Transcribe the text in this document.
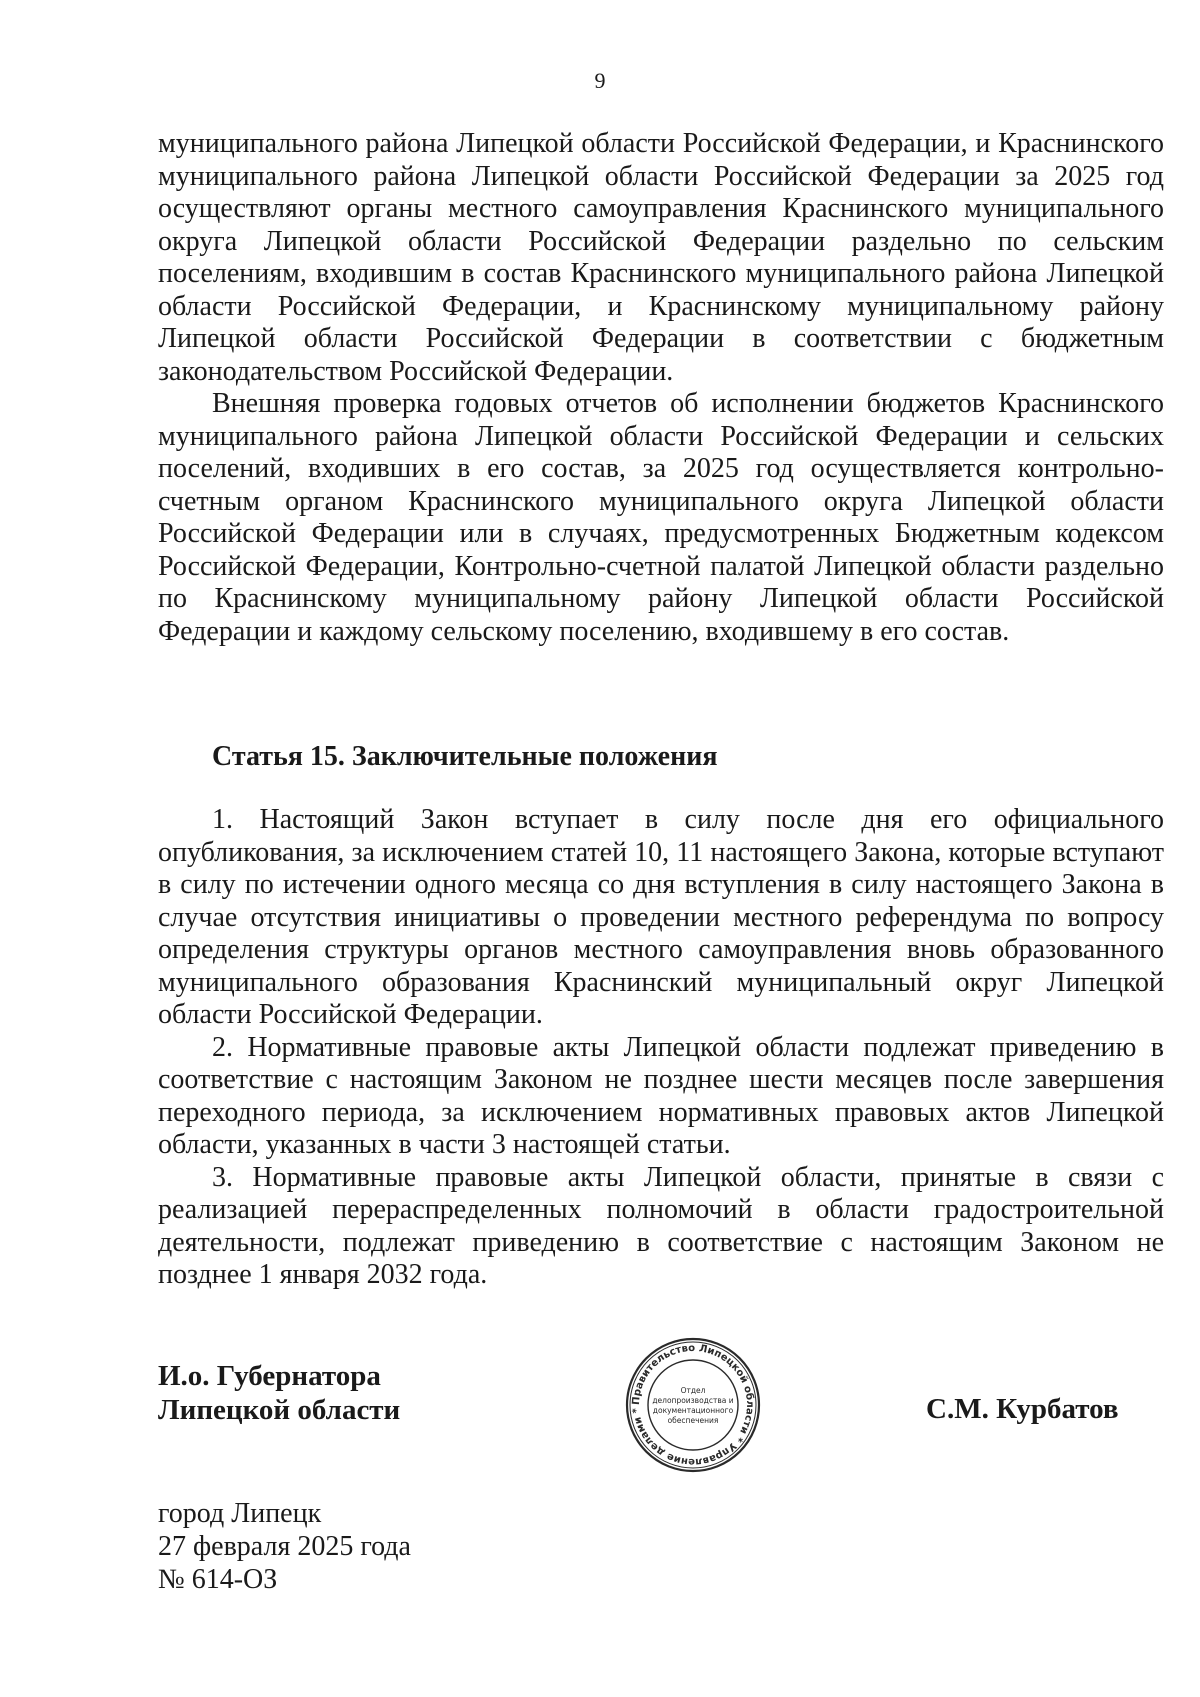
9

муниципального района Липецкой области Российской Федерации, и Краснинского муниципального района Липецкой области Российской Федерации за 2025 год осуществляют органы местного самоуправления Краснинского муниципального округа Липецкой области Российской Федерации раздельно по сельским поселениям, входившим в состав Краснинского муниципального района Липецкой области Российской Федерации, и Краснинскому муниципальному району Липецкой области Российской Федерации в соответствии с бюджетным законодательством Российской Федерации.

Внешняя проверка годовых отчетов об исполнении бюджетов Краснинского муниципального района Липецкой области Российской Федерации и сельских поселений, входивших в его состав, за 2025 год осуществляется контрольно-счетным органом Краснинского муниципального округа Липецкой области Российской Федерации или в случаях, предусмотренных Бюджетным кодексом Российской Федерации, Контрольно-счетной палатой Липецкой области раздельно по Краснинскому муниципальному району Липецкой области Российской Федерации и каждому сельскому поселению, входившему в его состав.

Статья 15. Заключительные положения

1. Настоящий Закон вступает в силу после дня его официального опубликования, за исключением статей 10, 11 настоящего Закона, которые вступают в силу по истечении одного месяца со дня вступления в силу настоящего Закона в случае отсутствия инициативы о проведении местного референдума по вопросу определения структуры органов местного самоуправления вновь образованного муниципального образования Краснинский муниципальный округ Липецкой области Российской Федерации.

2. Нормативные правовые акты Липецкой области подлежат приведению в соответствие с настоящим Законом не позднее шести месяцев после завершения переходного периода, за исключением нормативных правовых актов Липецкой области, указанных в части 3 настоящей статьи.

3. Нормативные правовые акты Липецкой области, принятые в связи с реализацией перераспределенных полномочий в области градостроительной деятельности, подлежат приведению в соответствие с настоящим Законом не позднее 1 января 2032 года.

И.о. Губернатора
Липецкой области	Правительство Липецкой области * Управление делами *
Отдел
делопроизводства и
документационного
обеспечения	С.М. Курбатов
город Липецк
27 февраля 2025 года
№ 614-ОЗ
